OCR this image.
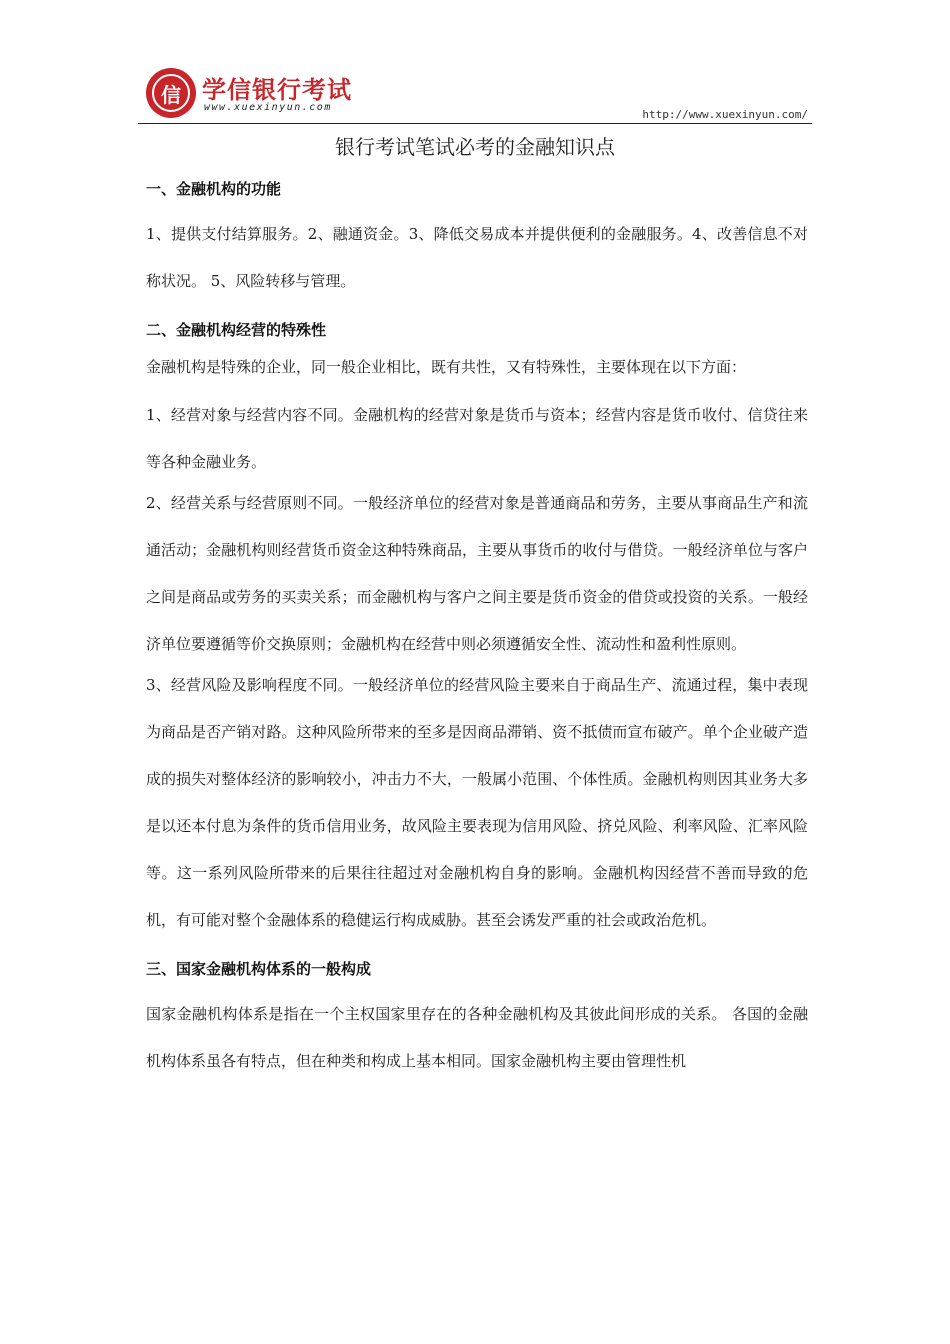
信 学信银行考试
www.xuexinyun.com
http://www.xuexinyun.com/
银行考试笔试必考的金融知识点

一、金融机构的功能

1、提供支付结算服务。2、融通资金。3、降低交易成本并提供便利的金融服务。4、改善信息不对称状况。 5、风险转移与管理。

二、金融机构经营的特殊性

金融机构是特殊的企业，同一般企业相比，既有共性，又有特殊性，主要体现在以下方面：

1、经营对象与经营内容不同。金融机构的经营对象是货币与资本；经营内容是货币收付、信贷往来等各种金融业务。

2、经营关系与经营原则不同。一般经济单位的经营对象是普通商品和劳务，主要从事商品生产和流通活动；金融机构则经营货币资金这种特殊商品，主要从事货币的收付与借贷。一般经济单位与客户之间是商品或劳务的买卖关系；而金融机构与客户之间主要是货币资金的借贷或投资的关系。一般经济单位要遵循等价交换原则；金融机构在经营中则必须遵循安全性、流动性和盈利性原则。

3、经营风险及影响程度不同。一般经济单位的经营风险主要来自于商品生产、流通过程，集中表现为商品是否产销对路。这种风险所带来的至多是因商品滞销、资不抵债而宣布破产。单个企业破产造成的损失对整体经济的影响较小，冲击力不大，一般属小范围、个体性质。金融机构则因其业务大多是以还本付息为条件的货币信用业务，故风险主要表现为信用风险、挤兑风险、利率风险、汇率风险等。这一系列风险所带来的后果往往超过对金融机构自身的影响。金融机构因经营不善而导致的危机，有可能对整个金融体系的稳健运行构成威胁。甚至会诱发严重的社会或政治危机。

三、国家金融机构体系的一般构成

国家金融机构体系是指在一个主权国家里存在的各种金融机构及其彼此间形成的关系。 各国的金融机构体系虽各有特点，但在种类和构成上基本相同。国家金融机构主要由管理性机
